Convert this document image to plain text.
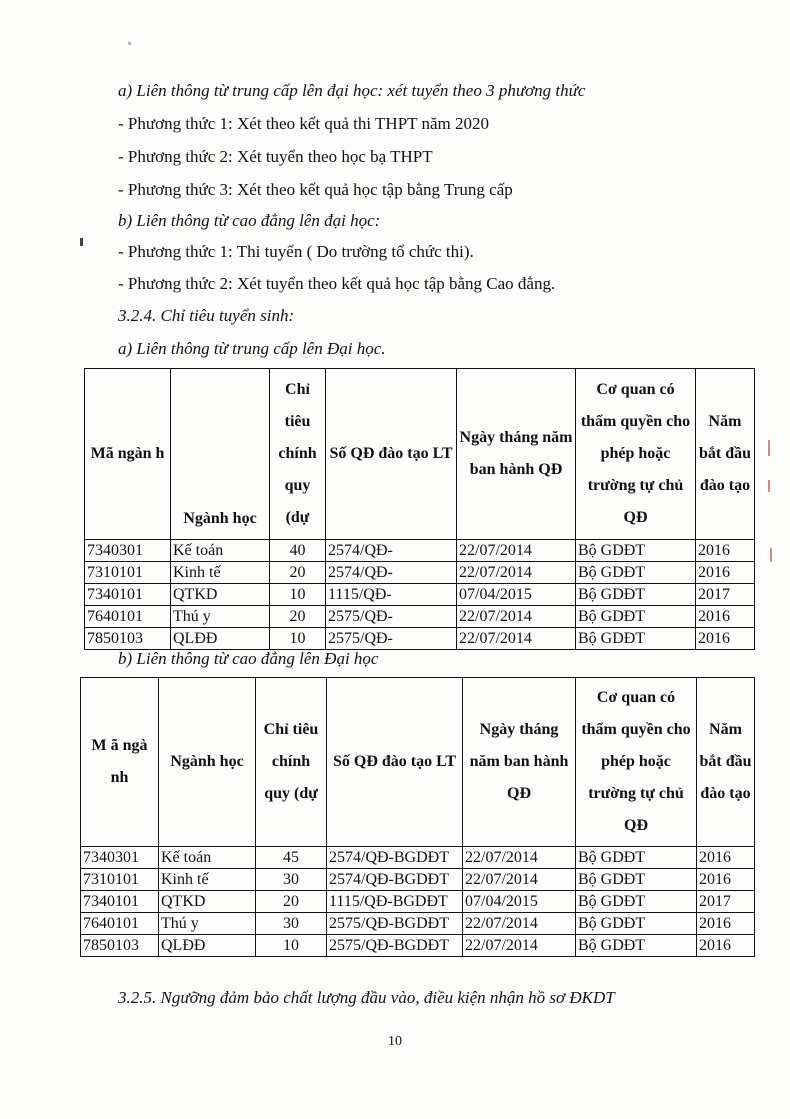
a) Liên thông từ trung cấp lên đại học: xét tuyển theo 3 phương thức
- Phương thức 1: Xét theo kết quả thi THPT năm 2020
- Phương thức 2: Xét tuyển theo học bạ THPT
- Phương thức 3: Xét theo kết quả học tập bằng Trung cấp
b) Liên thông từ cao đẳng lên đại học:
- Phương thức 1: Thi tuyển ( Do trường tổ chức thi).
- Phương thức 2: Xét tuyển theo kết quả học tập bằng Cao đẳng.
3.2.4. Chỉ tiêu tuyển sinh:
a) Liên thông từ trung cấp lên Đại học.
Mã ngàn h	Ngành học	Chỉ tiêu chính quy (dự	Số QĐ đào tạo LT	Ngày tháng năm ban hành QĐ	Cơ quan có thẩm quyền cho phép hoặc trường tự chủ QĐ	Năm bắt đầu đào tạo
7340301	Kế toán	40	2574/QĐ-	22/07/2014	Bộ GDĐT	2016
7310101	Kinh tế	20	2574/QĐ-	22/07/2014	Bộ GDĐT	2016
7340101	QTKD	10	1115/QĐ-	07/04/2015	Bộ GDĐT	2017
7640101	Thú y	20	2575/QĐ-	22/07/2014	Bộ GDĐT	2016
7850103	QLĐĐ	10	2575/QĐ-	22/07/2014	Bộ GDĐT	2016
b) Liên thông từ cao đẳng lên Đại học
M ã ngà nh	Ngành học	Chỉ tiêu chính quy (dự	Số QĐ đào tạo LT	Ngày tháng năm ban hành QĐ	Cơ quan có thẩm quyền cho phép hoặc trường tự chủ QĐ	Năm bắt đầu đào tạo
7340301	Kế toán	45	2574/QĐ-BGDĐT	22/07/2014	Bộ GDĐT	2016
7310101	Kinh tế	30	2574/QĐ-BGDĐT	22/07/2014	Bộ GDĐT	2016
7340101	QTKD	20	1115/QĐ-BGDĐT	07/04/2015	Bộ GDĐT	2017
7640101	Thú y	30	2575/QĐ-BGDĐT	22/07/2014	Bộ GDĐT	2016
7850103	QLĐĐ	10	2575/QĐ-BGDĐT	22/07/2014	Bộ GDĐT	2016
3.2.5. Ngưỡng đảm bảo chất lượng đầu vào, điều kiện nhận hồ sơ ĐKDT
10
